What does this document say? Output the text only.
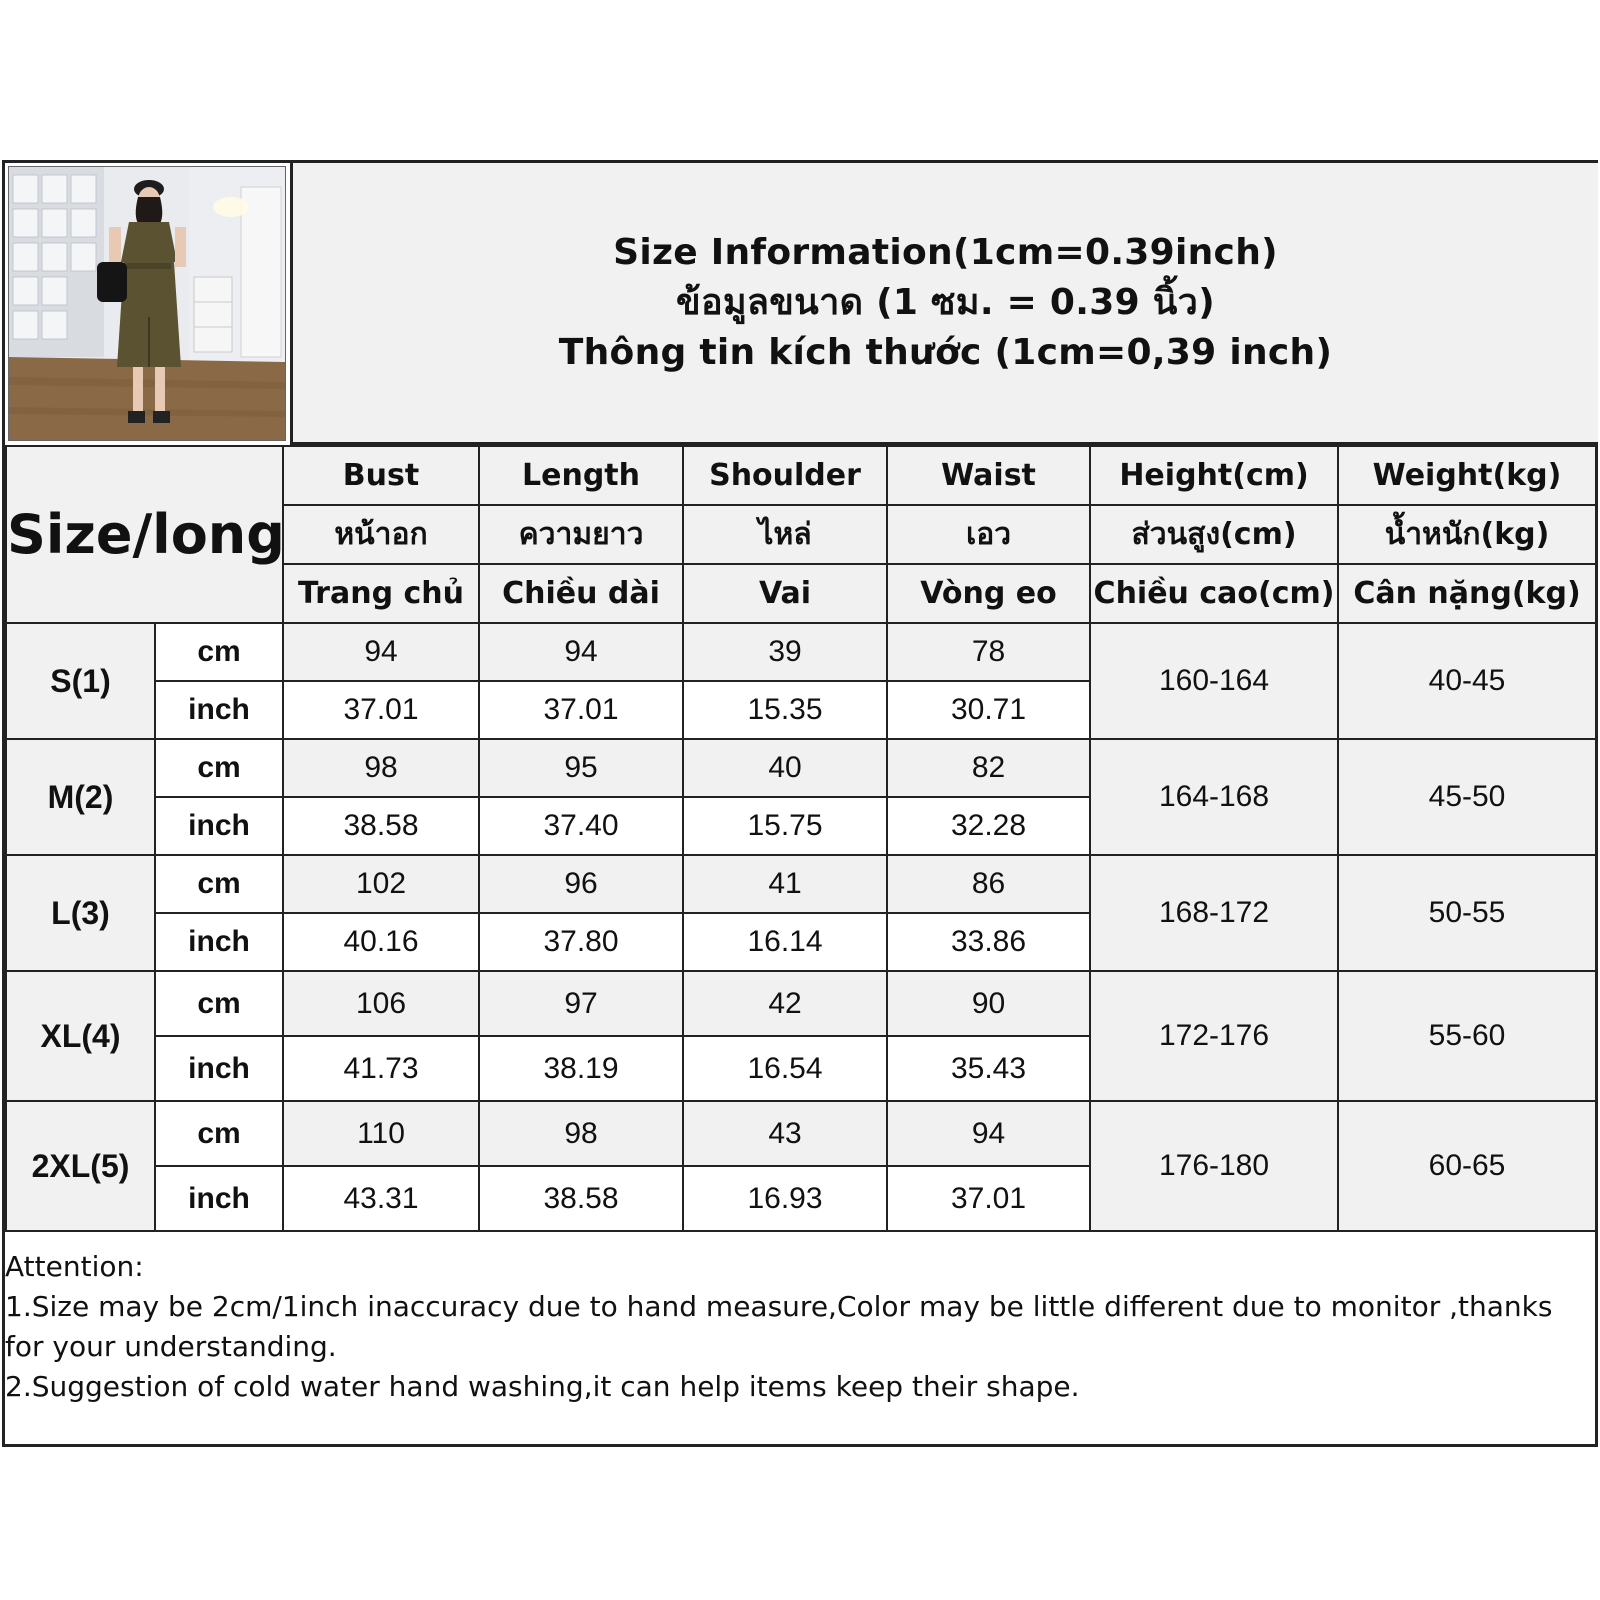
Size Information(1cm=0.39inch)
ข้อมูลขนาด (1 ซม. = 0.39 นิ้ว)
Thông tin kích thước (1cm=0,39 inch)
Size/long		Bust	Length	Shoulder	Waist	Height(cm)	Weight(kg)
		หน้าอก	ความยาว	ไหล่	เอว	ส่วนสูง(cm)	น้ำหนัก(kg)
		Trang chủ	Chiều dài	Vai	Vòng eo	Chiều cao(cm)	Cân nặng(kg)
S(1)	cm	94	94	39	78	160-164	40-45
	inch	37.01	37.01	15.35	30.71		
M(2)	cm	98	95	40	82	164-168	45-50
	inch	38.58	37.40	15.75	32.28		
L(3)	cm	102	96	41	86	168-172	50-55
	inch	40.16	37.80	16.14	33.86		
XL(4)	cm	106	97	42	90	172-176	55-60
	inch	41.73	38.19	16.54	35.43		
2XL(5)	cm	110	98	43	94	176-180	60-65
	inch	43.31	38.58	16.93	37.01		
Attention:
1.Size may be 2cm/1inch inaccuracy due to hand measure,Color may be little different due to monitor ,thanks for your understanding.
2.Suggestion of cold water hand washing,it can help items keep their shape.
